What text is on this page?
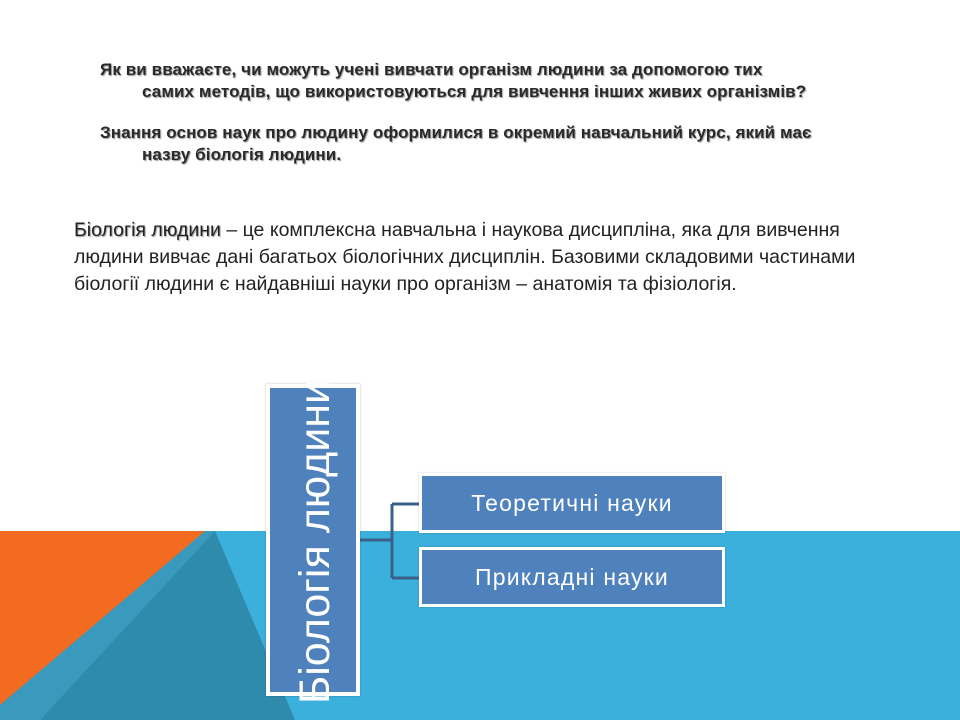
Як ви вважаєте, чи можуть учені вивчати організм людини за допомогою тих
самих методів, що використовуються для вивчення інших живих організмів?
Знання основ наук про людину оформилися в окремий навчальний курс, який має
назву біологія людини.
Біологія людини – це комплексна навчальна і наукова дисципліна, яка для вивчення людини вивчає дані багатьох біологічних дисциплін. Базовими складовими частинами біології людини є найдавніші науки про організм – анатомія та фізіологія.
Біологія людини	Теоретичні науки
Прикладні науки
